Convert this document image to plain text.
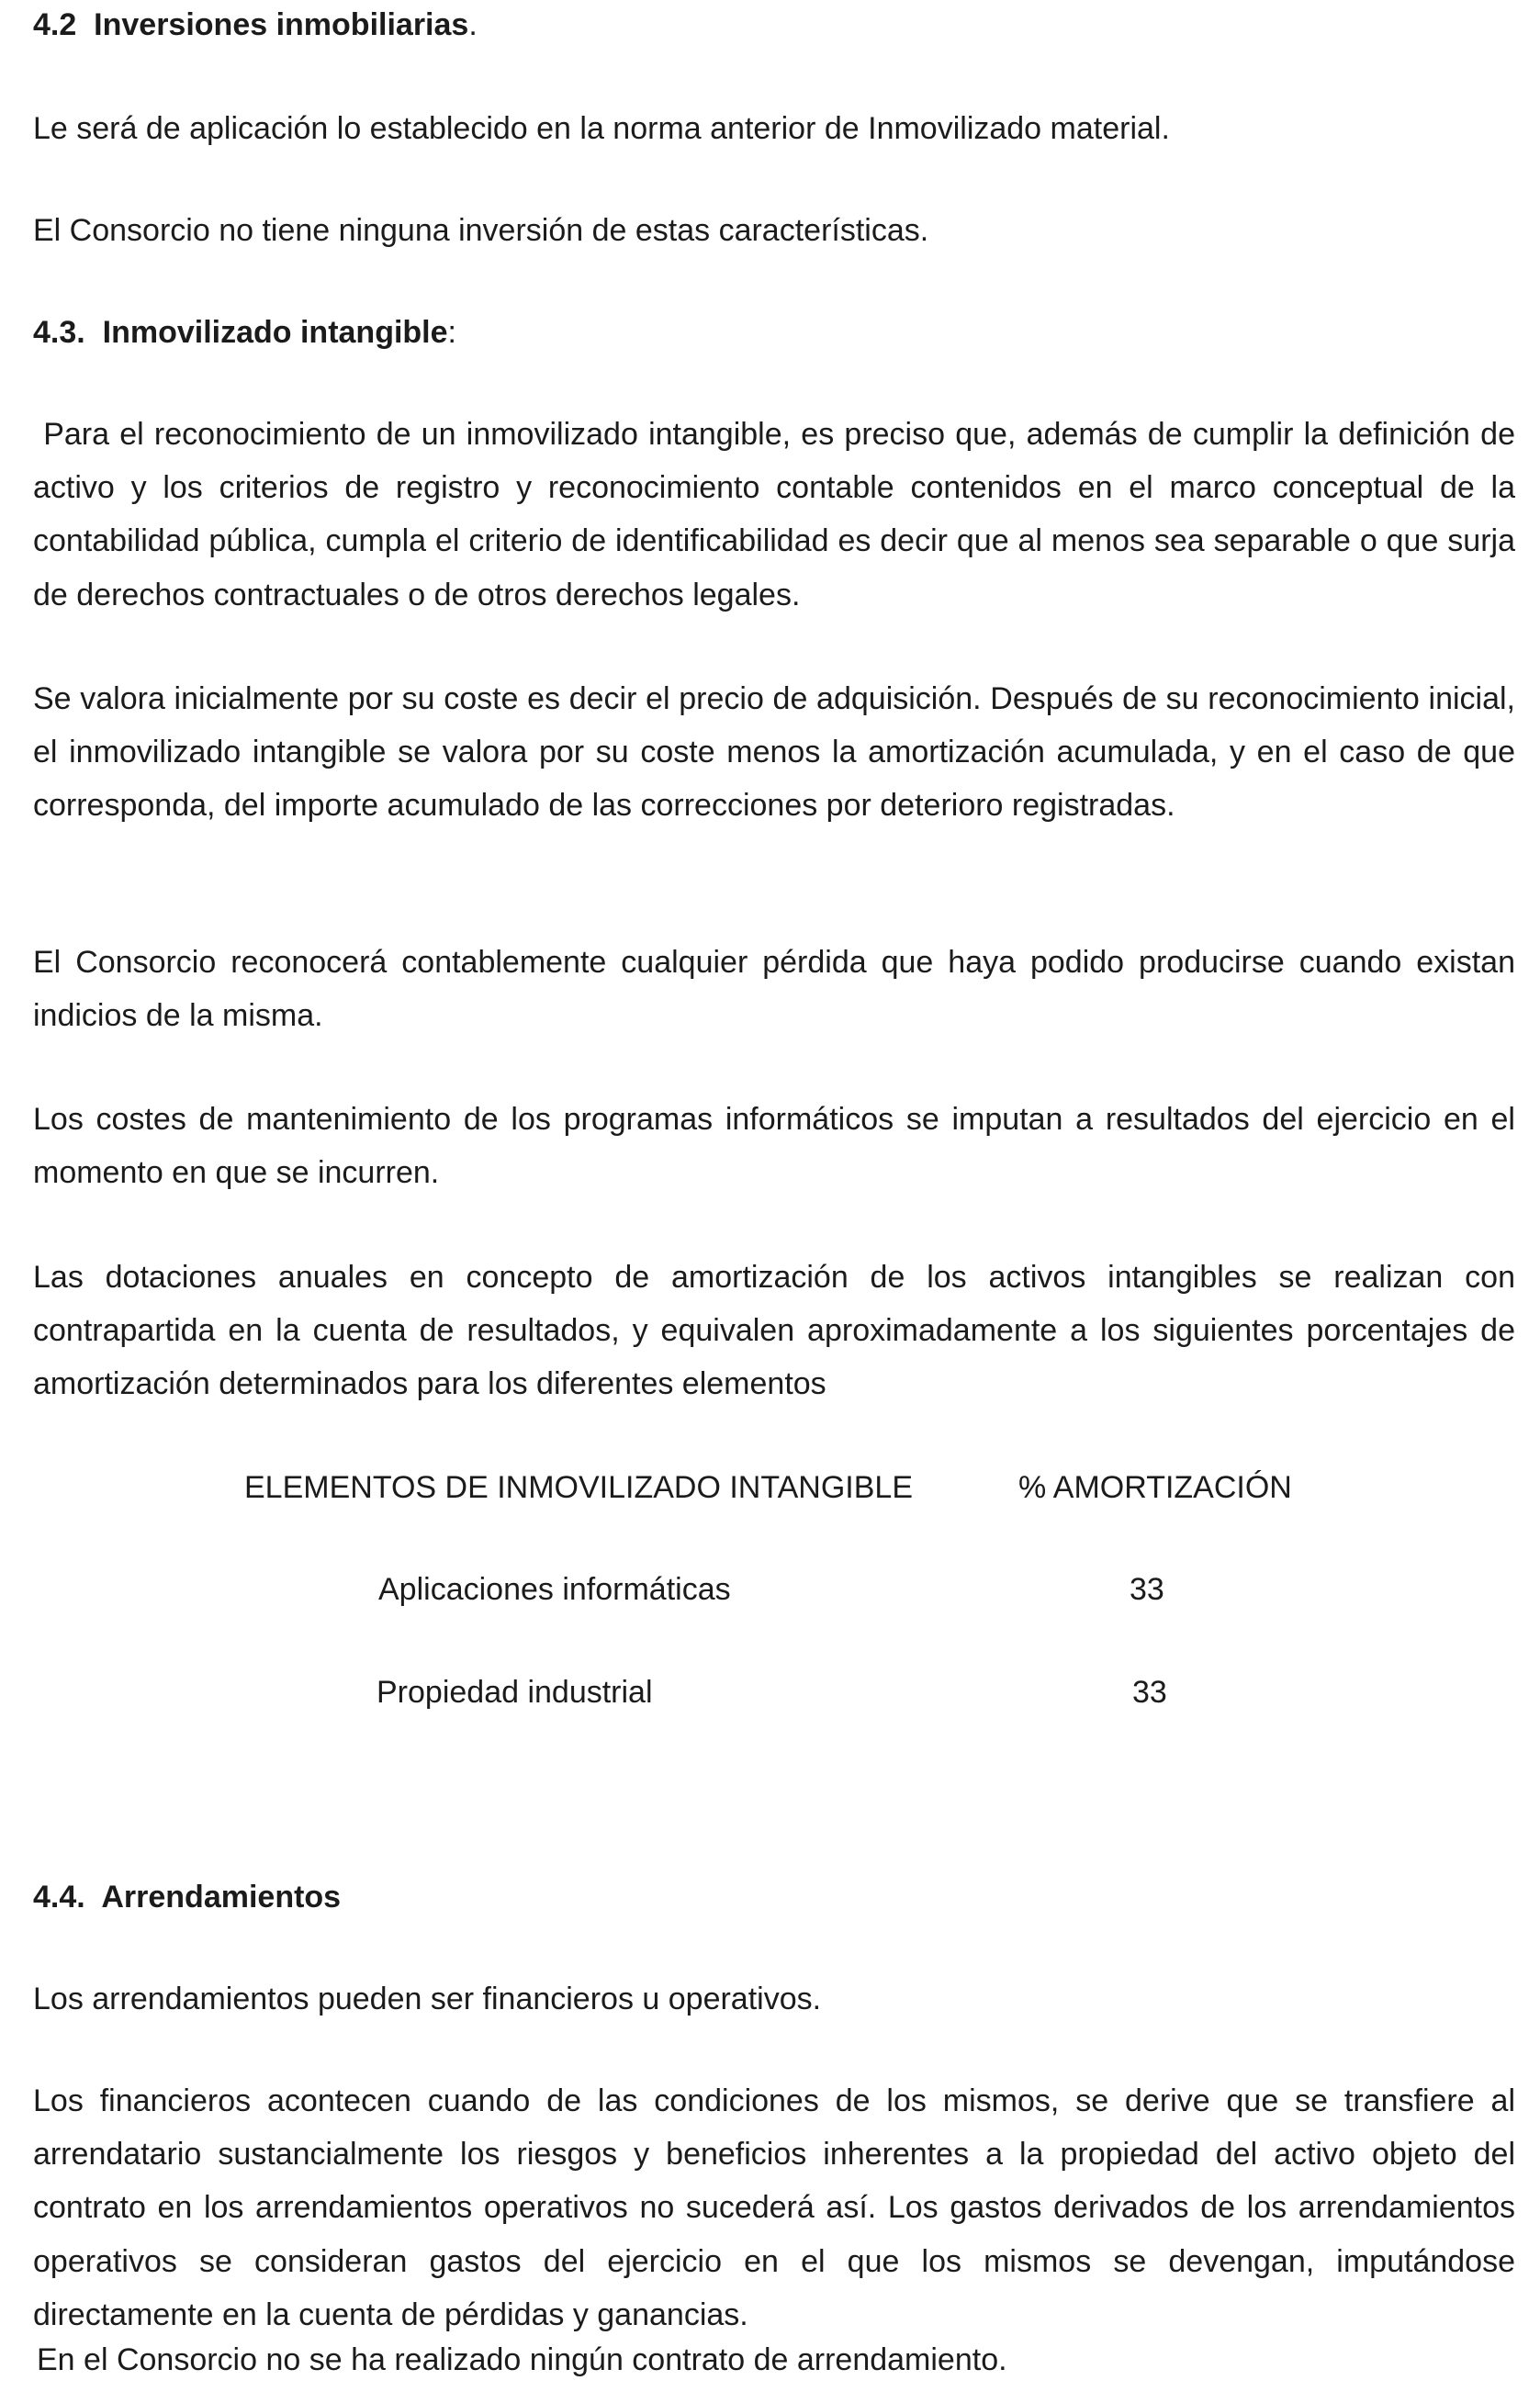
4.2 Inversiones inmobiliarias.
Le será de aplicación lo establecido en la norma anterior de Inmovilizado material.
El Consorcio no tiene ninguna inversión de estas características.
4.3. Inmovilizado intangible:
Para el reconocimiento de un inmovilizado intangible, es preciso que, además de cumplir la definición de activo y los criterios de registro y reconocimiento contable contenidos en el marco conceptual de la contabilidad pública, cumpla el criterio de identificabilidad es decir que al menos sea separable o que surja de derechos contractuales o de otros derechos legales.
Se valora inicialmente por su coste es decir el precio de adquisición. Después de su reconocimiento inicial, el inmovilizado intangible se valora por su coste menos la amortización acumulada, y en el caso de que corresponda, del importe acumulado de las correcciones por deterioro registradas.
El Consorcio reconocerá contablemente cualquier pérdida que haya podido producirse cuando existan indicios de la misma.
Los costes de mantenimiento de los programas informáticos se imputan a resultados del ejercicio en el momento en que se incurren.
Las dotaciones anuales en concepto de amortización de los activos intangibles se realizan con contrapartida en la cuenta de resultados, y equivalen aproximadamente a los siguientes porcentajes de amortización determinados para los diferentes elementos
ELEMENTOS DE INMOVILIZADO INTANGIBLE	% AMORTIZACIÓN
Aplicaciones informáticas	33
Propiedad industrial	33
4.4. Arrendamientos
Los arrendamientos pueden ser financieros u operativos.
Los financieros acontecen cuando de las condiciones de los mismos, se derive que se transfiere al arrendatario sustancialmente los riesgos y beneficios inherentes a la propiedad del activo objeto del contrato en los arrendamientos operativos no sucederá así. Los gastos derivados de los arrendamientos operativos se consideran gastos del ejercicio en el que los mismos se devengan, imputándose directamente en la cuenta de pérdidas y ganancias.
En el Consorcio no se ha realizado ningún contrato de arrendamiento.
